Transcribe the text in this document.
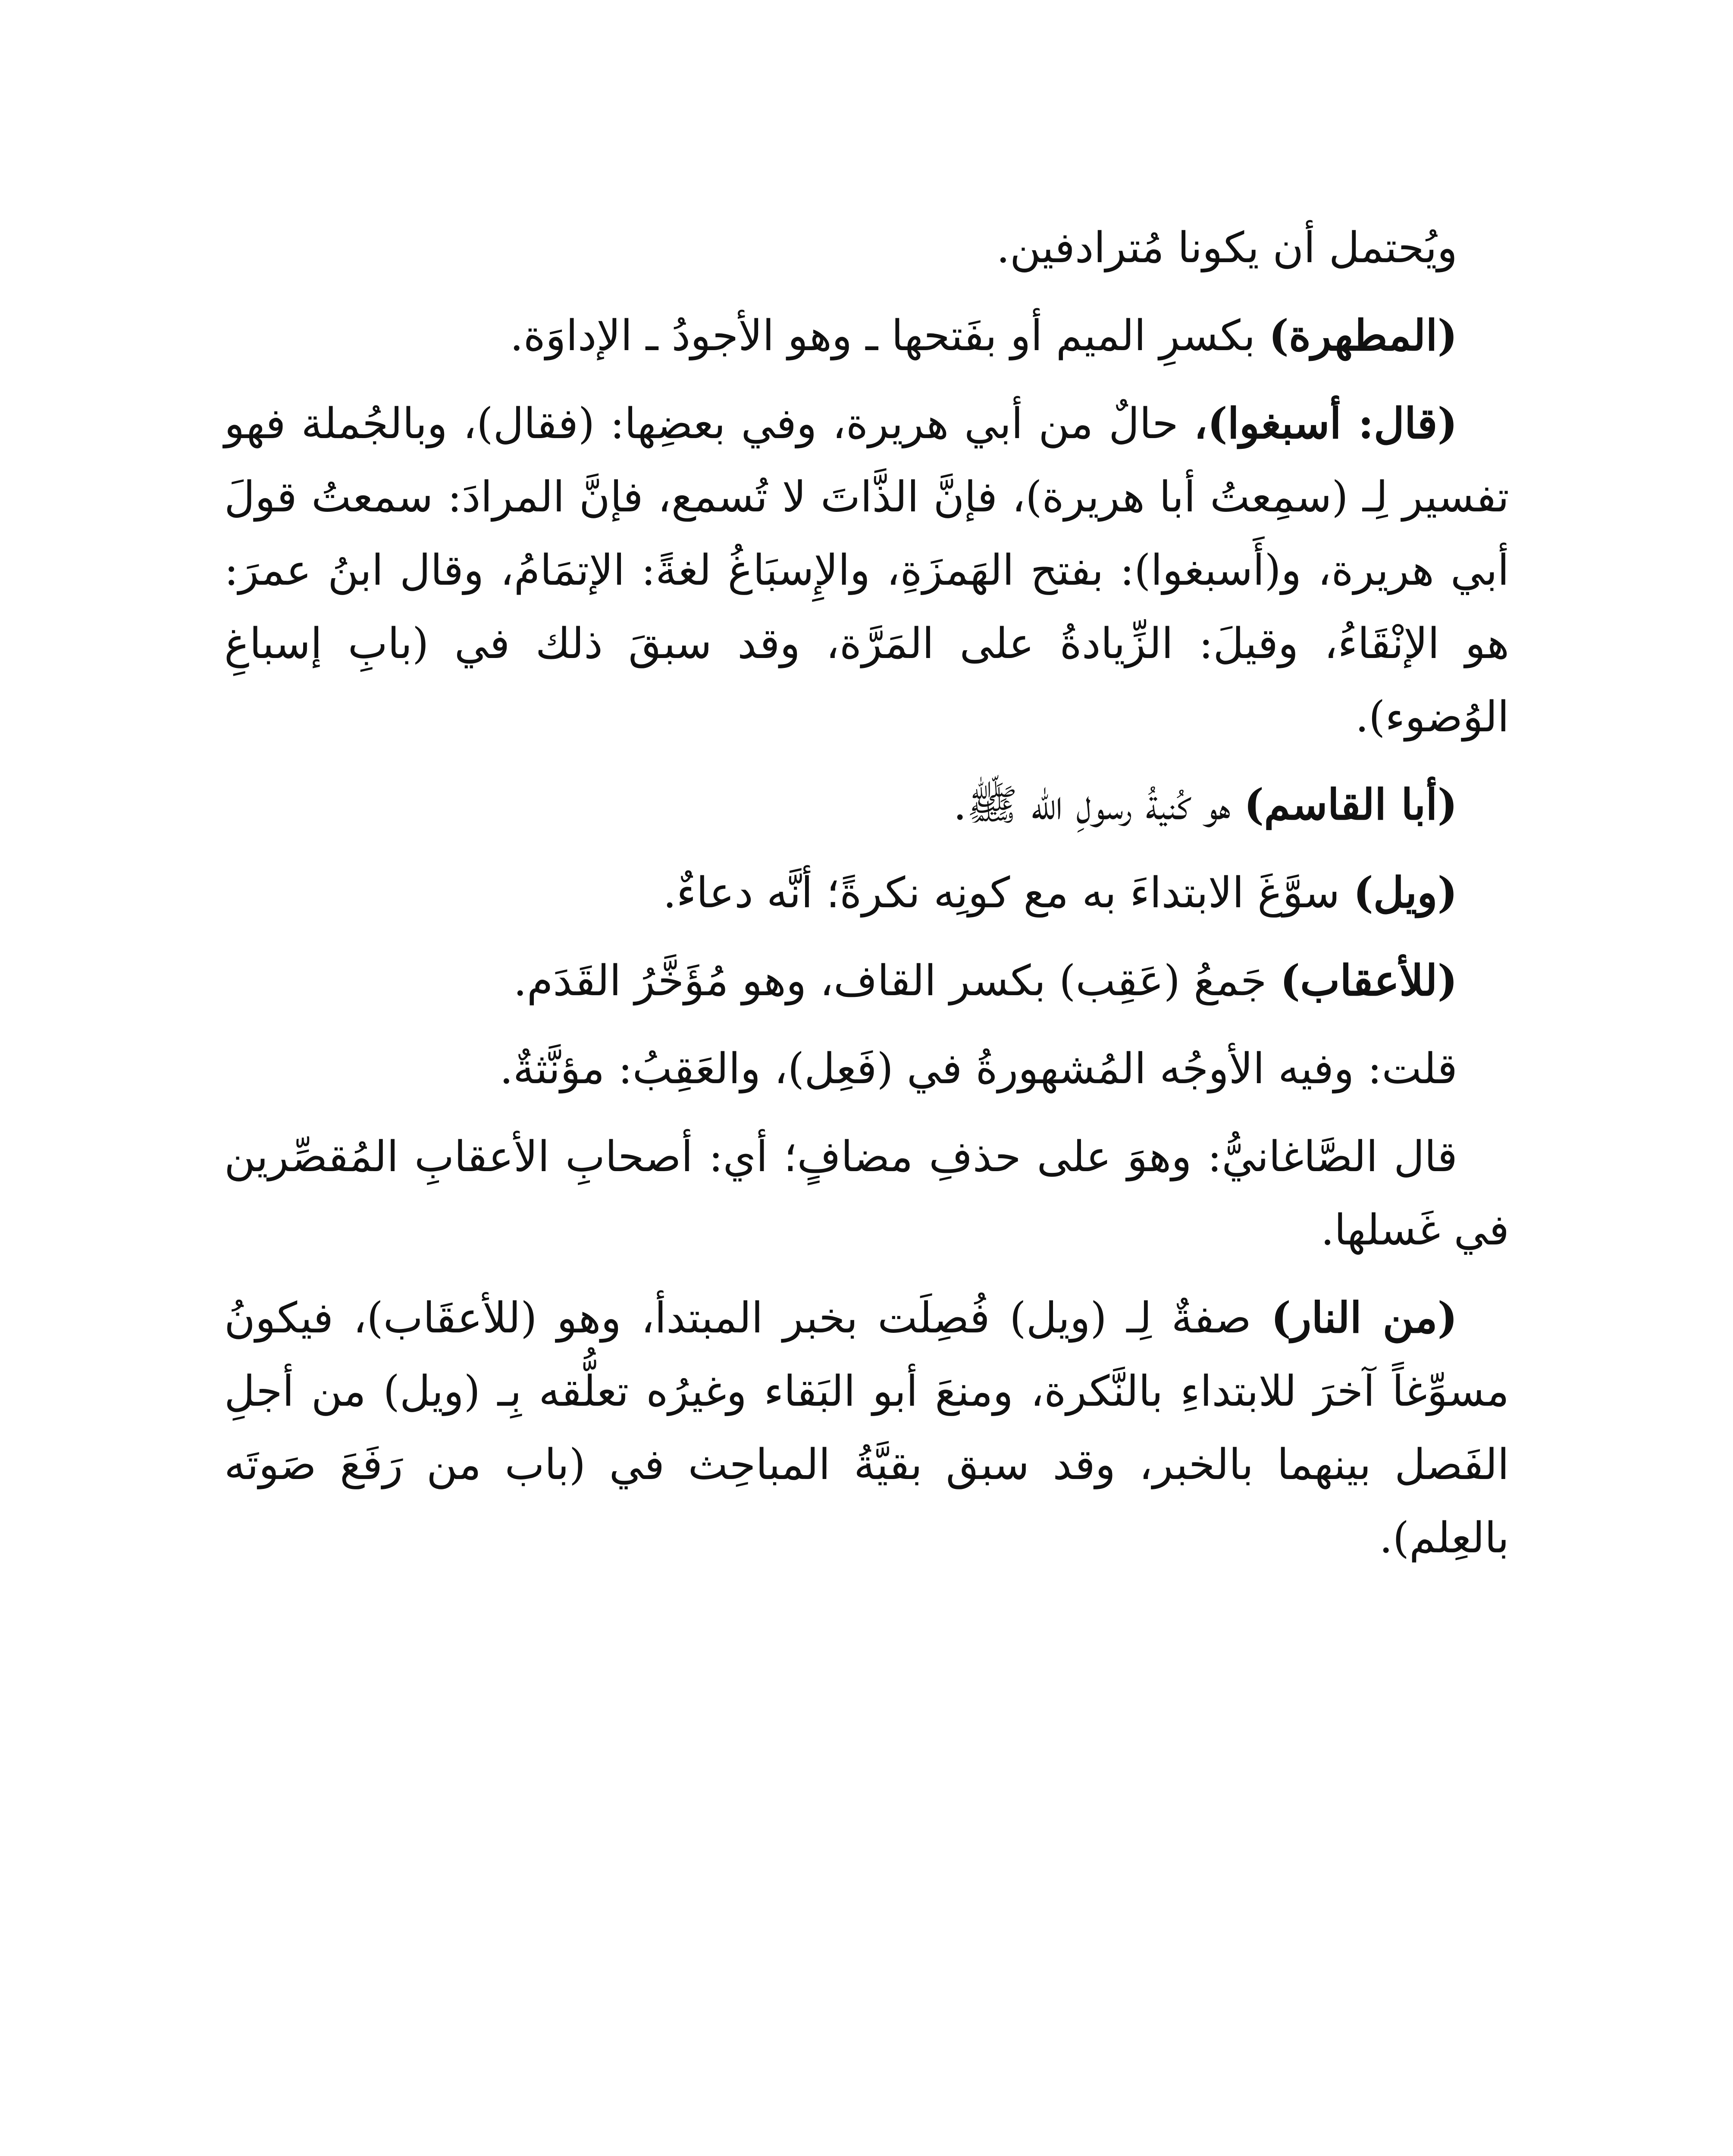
ويُحتمل أن يكونا مُترادفين.

(المطهرة) بكسرِ الميم أو بفَتحها ـ وهو الأجودُ ـ الإداوَة.

(قال: أسبغوا)، حالٌ من أبي هريرة، وفي بعضِها: (فقال)، وبالجُملة فهو تفسير لِـ (سمِعتُ أبا هريرة)، فإنَّ الذَّاتَ لا تُسمع، فإنَّ المرادَ: سمعتُ قولَ أبي هريرة، و(أَسبغوا): بفتح الهَمزَةِ، والإِسبَاغُ لغةً: الإتمَامُ، وقال ابنُ عمرَ: هو الإنْقَاءُ، وقيلَ: الزِّيادةُ على المَرَّة، وقد سبقَ ذلك في (بابِ إسباغِ الوُضوء).

(أبا القاسم) هو كُنيةُ رسولِ الله ﷺ.

(ويل) سوَّغَ الابتداءَ به مع كونِه نكرةً؛ أنَّه دعاءٌ.

(للأعقاب) جَمعُ (عَقِب) بكسر القاف، وهو مُؤَخَّرُ القَدَم.

قلت: وفيه الأوجُه المُشهورةُ في (فَعِل)، والعَقِبُ: مؤنَّثةٌ.

قال الصَّاغانيُّ: وهوَ على حذفِ مضافٍ؛ أي: أصحابِ الأعقابِ المُقصِّرين في غَسلها.

(من النار) صفةٌ لِـ (ويل) فُصِلَت بخبر المبتدأ، وهو (للأعقَاب)، فيكونُ مسوِّغاً آخرَ للابتداءِ بالنَّكرة، ومنعَ أبو البَقاء وغيرُه تعلُّقه بِـ (ويل) من أجلِ الفَصل بينهما بالخبر، وقد سبق بقيَّةُ المباحِث في (باب من رَفَعَ صَوتَه بالعِلم).
